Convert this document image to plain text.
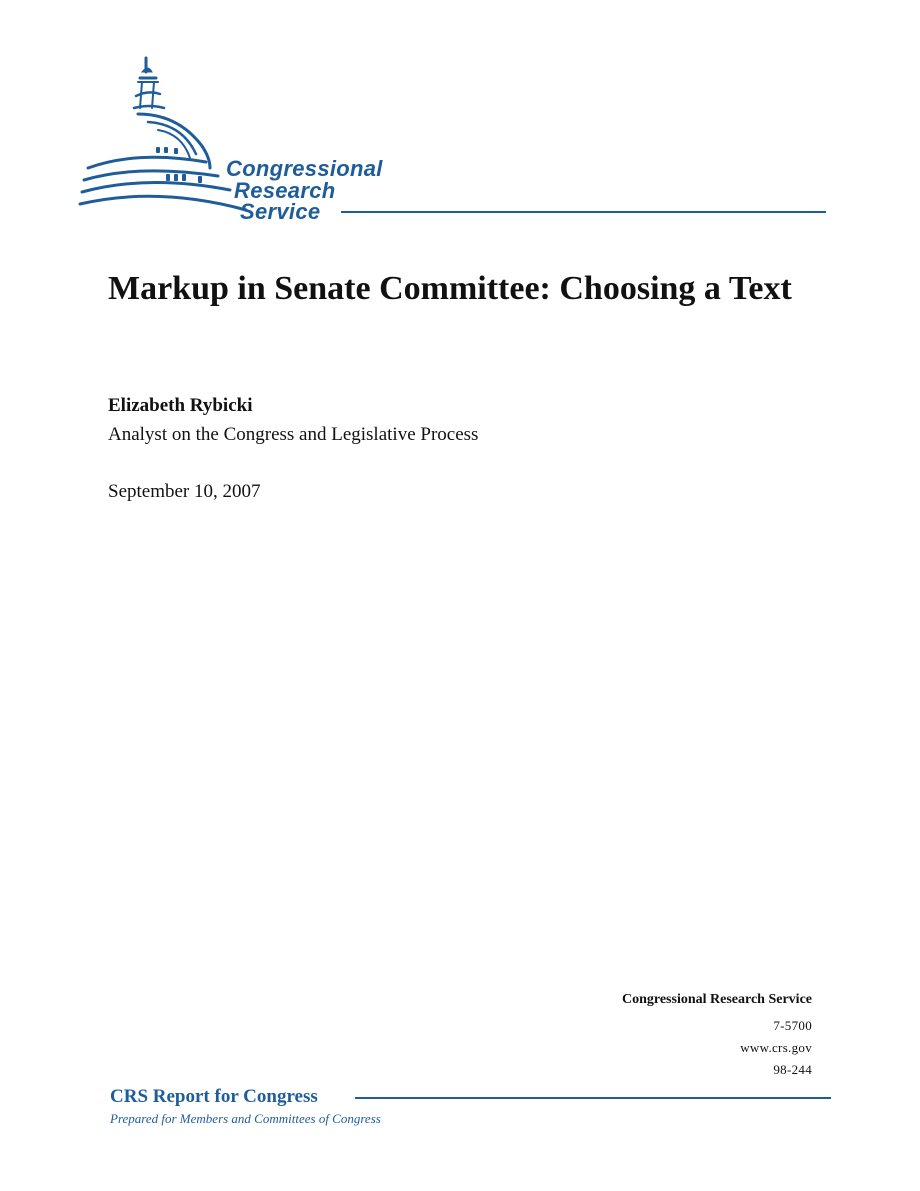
Congressional
Research
Service
Markup in Senate Committee: Choosing a Text

Elizabeth Rybicki

Analyst on the Congress and Legislative Process

September 10, 2007

Congressional Research Service
7-5700
www.crs.gov
98-244
CRS Report for Congress
Prepared for Members and Committees of Congress
